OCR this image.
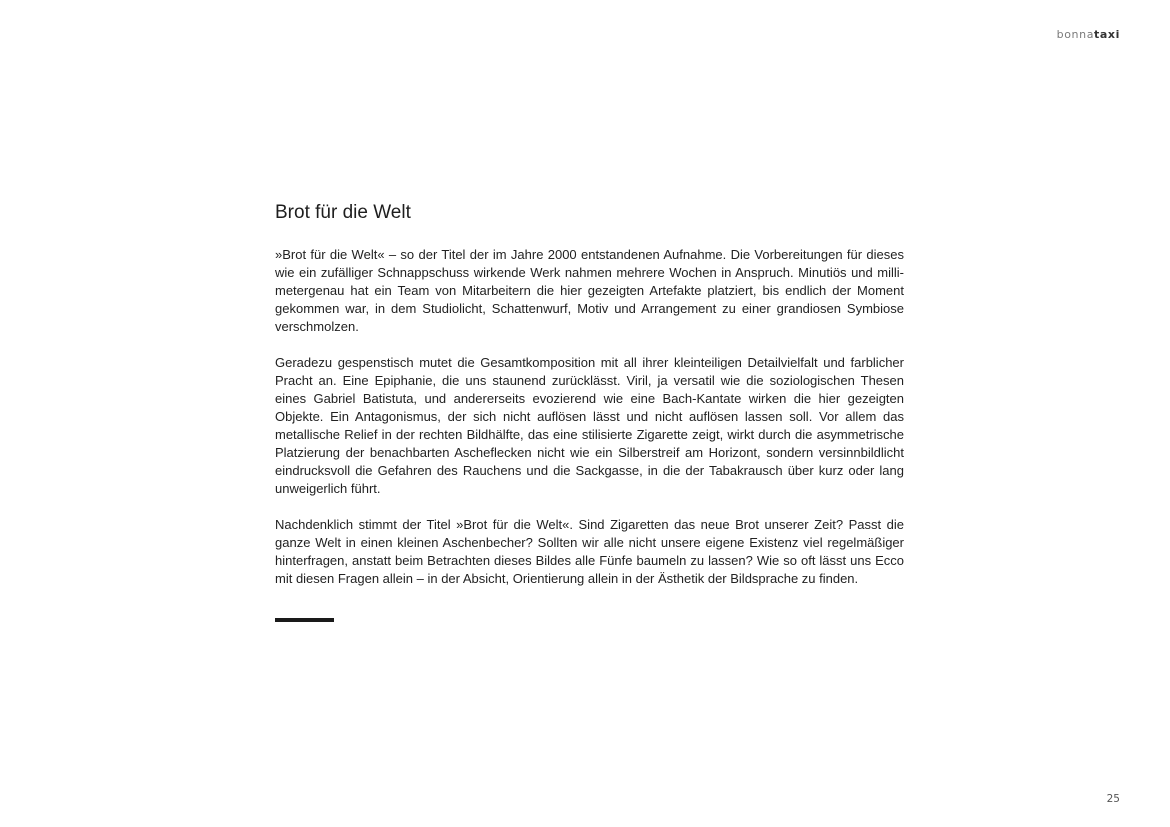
bonnataxi
Brot für die Welt

»Brot für die Welt« – so der Titel der im Jahre 2000 entstandenen Aufnahme. Die Vorbereitungen für dieses wie ein zufälliger Schnappschuss wirkende Werk nahmen mehrere Wochen in Anspruch. Minutiös und millimetergenau hat ein Team von Mitarbeitern die hier gezeigten Artefakte platziert, bis endlich der Moment gekommen war, in dem Studiolicht, Schattenwurf, Motiv und Arrangement zu einer grandiosen Symbiose verschmolzen.

Geradezu gespenstisch mutet die Gesamtkomposition mit all ihrer kleinteiligen Detailvielfalt und farblicher Pracht an. Eine Epiphanie, die uns staunend zurücklässt. Viril, ja versatil wie die soziologischen Thesen eines Gabriel Batistuta, und andererseits evozierend wie eine Bach-Kantate wirken die hier gezeigten Objekte. Ein Antagonismus, der sich nicht auflösen lässt und nicht auflösen lassen soll. Vor allem das metallische Relief in der rechten Bildhälfte, das eine stilisierte Zigarette zeigt, wirkt durch die asymmetrische Platzierung der benachbarten Ascheflecken nicht wie ein Silberstreif am Horizont, sondern versinnbildlicht eindrucksvoll die Gefahren des Rauchens und die Sackgasse, in die der Tabakrausch über kurz oder lang unweigerlich führt.

Nachdenklich stimmt der Titel »Brot für die Welt«. Sind Zigaretten das neue Brot unserer Zeit? Passt die ganze Welt in einen kleinen Aschenbecher? Sollten wir alle nicht unsere eigene Existenz viel regelmäßiger hinterfragen, anstatt beim Betrachten dieses Bildes alle Fünfe baumeln zu lassen? Wie so oft lässt uns Ecco mit diesen Fragen allein – in der Absicht, Orientierung allein in der Ästhetik der Bildsprache zu finden.

25
